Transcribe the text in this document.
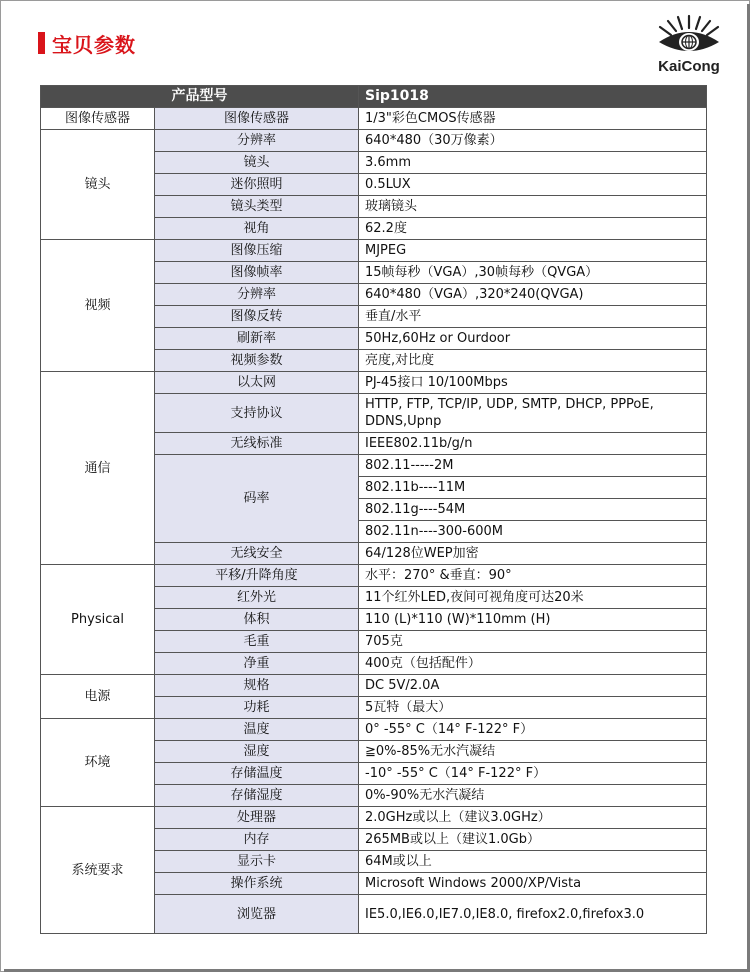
宝贝参数
KaiCong
产品型号		Sip1018
图像传感器	图像传感器	1/3"彩色CMOS传感器
镜头	分辨率	640*480（30万像素）
	镜头	3.6mm
	迷你照明	0.5LUX
	镜头类型	玻璃镜头
	视角	62.2度
视频	图像压缩	MJPEG
	图像帧率	15帧每秒（VGA）,30帧每秒（QVGA）
	分辨率	640*480（VGA）,320*240(QVGA)
	图像反转	垂直/水平
	刷新率	50Hz,60Hz or Ourdoor
	视频参数	亮度,对比度
通信	以太网	PJ-45接口 10/100Mbps
	支持协议	HTTP, FTP, TCP/IP, UDP, SMTP, DHCP, PPPoE, DDNS,Upnp
	无线标准	IEEE802.11b/g/n
	码率	802.11-----2M
		802.11b----11M
		802.11g----54M
		802.11n----300-600M
	无线安全	64/128位WEP加密
Physical	平移/升降角度	水平：270° &垂直：90°
	红外光	11个红外LED,夜间可视角度可达20米
	体积	110 (L)*110 (W)*110mm (H)
	毛重	705克
	净重	400克（包括配件）
电源	规格	DC 5V/2.0A
	功耗	5瓦特（最大）
环境	温度	0° -55° C（14° F-122° F）
	湿度	≧0%-85%无水汽凝结
	存储温度	-10° -55° C（14° F-122° F）
	存储湿度	0%-90%无水汽凝结
系统要求	处理器	2.0GHz或以上（建议3.0GHz）
	内存	265MB或以上（建议1.0Gb）
	显示卡	64M或以上
	操作系统	Microsoft Windows 2000/XP/Vista
	浏览器	IE5.0,IE6.0,IE7.0,IE8.0, firefox2.0,firefox3.0
